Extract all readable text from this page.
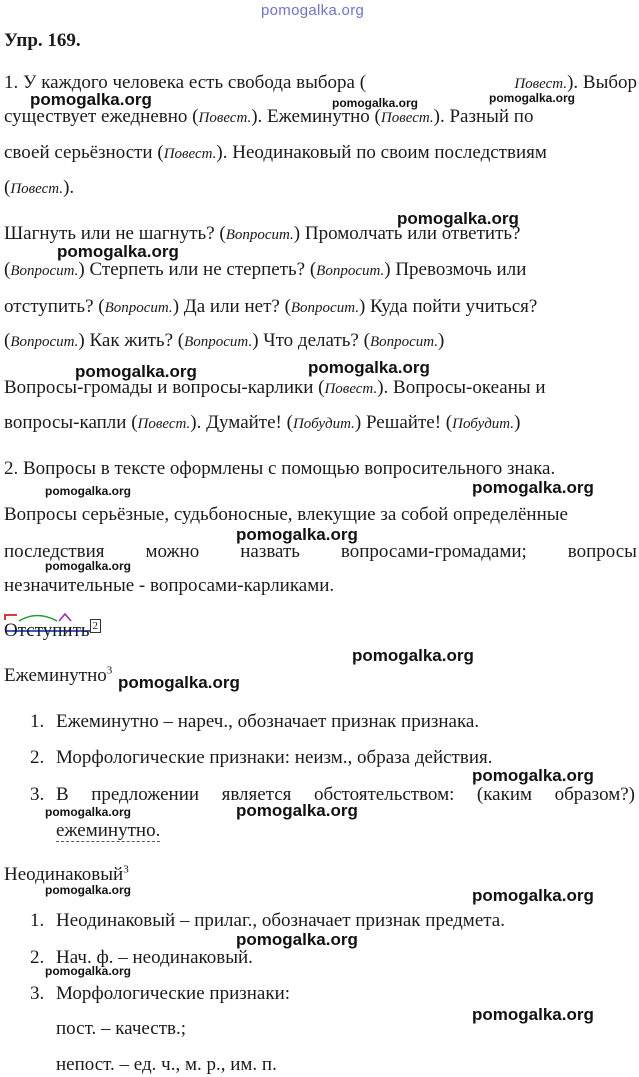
pomogalka.org
pomogalka.org	pomogalka.org	pomogalka.org
pomogalka.org
pomogalka.org
pomogalka.org
pomogalka.org
pomogalka.org
pomogalka.org
pomogalka.org
pomogalka.org
pomogalka.org
pomogalka.org
pomogalka.org
pomogalka.org
pomogalka.org
pomogalka.org	pomogalka.org
pomogalka.org
pomogalka.org
pomogalka.org
Упр. 169.
1. У каждого человека есть свобода выбора (	Повест.). Выбор
существует ежедневно (Повест.). Ежеминутно (Повест.). Разный по
своей серьёзности (Повест.). Неодинаковый по своим последствиям
(Повест.).
Шагнуть или не шагнуть? (Вопросит.) Промолчать или ответить?
(Вопросит.) Стерпеть или не стерпеть? (Вопросит.) Превозмочь или
отступить? (Вопросит.) Да или нет? (Вопросит.) Куда пойти учиться?
(Вопросит.) Как жить? (Вопросит.) Что делать? (Вопросит.)
Вопросы-громады и вопросы-карлики (Повест.). Вопросы-океаны и
вопросы-капли (Повест.). Думайте! (Побудит.) Решайте! (Побудит.)
2. Вопросы в тексте оформлены с помощью вопросительного знака.
Вопросы серьёзные, судьбоносные, влекущие за собой определённые
последствия можно назвать вопросами-громадами; вопросы
незначительные - вопросами-карликами.
Отступить $^2$
Ежеминутно$^3$
1. Ежеминутно – нареч., обозначает признак признака.
2. Морфологические признаки: неизм., образа действия.
3. В предложении является обстоятельством: (каким образом?)
ежеминутно.
Неодинаковый$^3$
1. Неодинаковый – прилаг., обозначает признак предмета.
2. Нач. ф. – неодинаковый.
3. Морфологические признаки:
пост. – качеств.;
непост. – ед. ч., м. р., им. п.
